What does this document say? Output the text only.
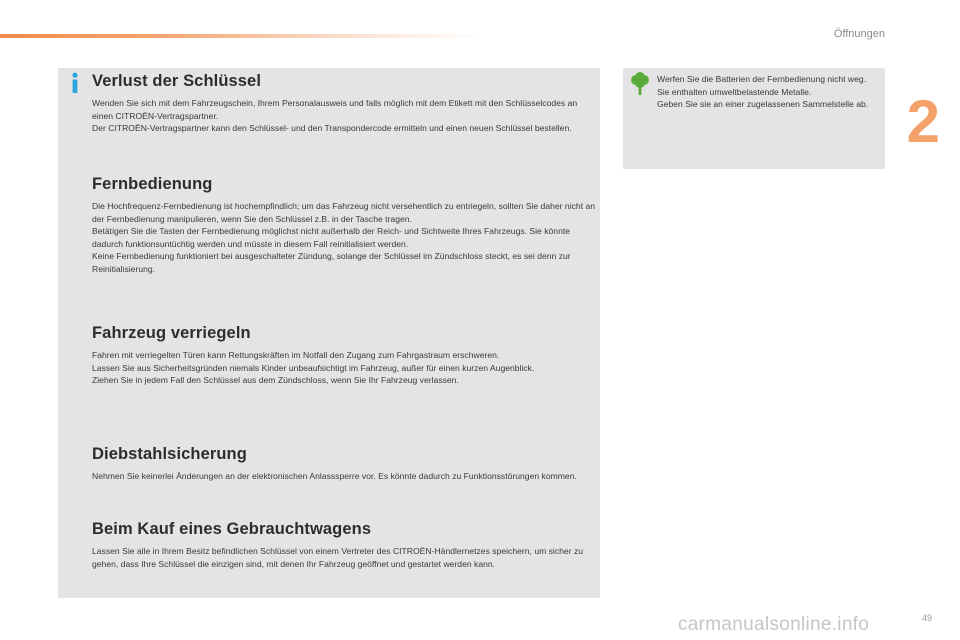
Öffnungen
2
Verlust der Schlüssel
Wenden Sie sich mit dem Fahrzeugschein, Ihrem Personalausweis und falls möglich mit dem Etikett mit den Schlüsselcodes an einen CITROËN-Vertragspartner.
Der CITROËN-Vertragspartner kann den Schlüssel- und den Transpondercode ermitteln und einen neuen Schlüssel bestellen.
Fernbedienung
Die Hochfrequenz-Fernbedienung ist hochempfindlich; um das Fahrzeug nicht versehentlich zu entriegeln, sollten Sie daher nicht an der Fernbedienung manipulieren, wenn Sie den Schlüssel z.B. in der Tasche tragen.
Betätigen Sie die Tasten der Fernbedienung möglichst nicht außerhalb der Reich- und Sichtweite Ihres Fahrzeugs. Sie könnte dadurch funktionsuntüchtig werden und müsste in diesem Fall reinitialisiert werden.
Keine Fernbedienung funktioniert bei ausgeschalteter Zündung, solange der Schlüssel im Zündschloss steckt, es sei denn zur Reinitialisierung.
Fahrzeug verriegeln
Fahren mit verriegelten Türen kann Rettungskräften im Notfall den Zugang zum Fahrgastraum erschweren.
Lassen Sie aus Sicherheitsgründen niemals Kinder unbeaufsichtigt im Fahrzeug, außer für einen kurzen Augenblick.
Ziehen Sie in jedem Fall den Schlüssel aus dem Zündschloss, wenn Sie Ihr Fahrzeug verlassen.
Diebstahlsicherung
Nehmen Sie keinerlei Änderungen an der elektronischen Anlasssperre vor. Es könnte dadurch zu Funktionsstörungen kommen.
Beim Kauf eines Gebrauchtwagens
Lassen Sie alle in Ihrem Besitz befindlichen Schlüssel von einem Vertreter des CITROËN-Händlernetzes speichern, um sicher zu gehen, dass Ihre Schlüssel die einzigen sind, mit denen Ihr Fahrzeug geöffnet und gestartet werden kann.
Werfen Sie die Batterien der Fernbedienung nicht weg. Sie enthalten umweltbelastende Metalle.
Geben Sie sie an einer zugelassenen Sammelstelle ab.
carmanualsonline.info	49
